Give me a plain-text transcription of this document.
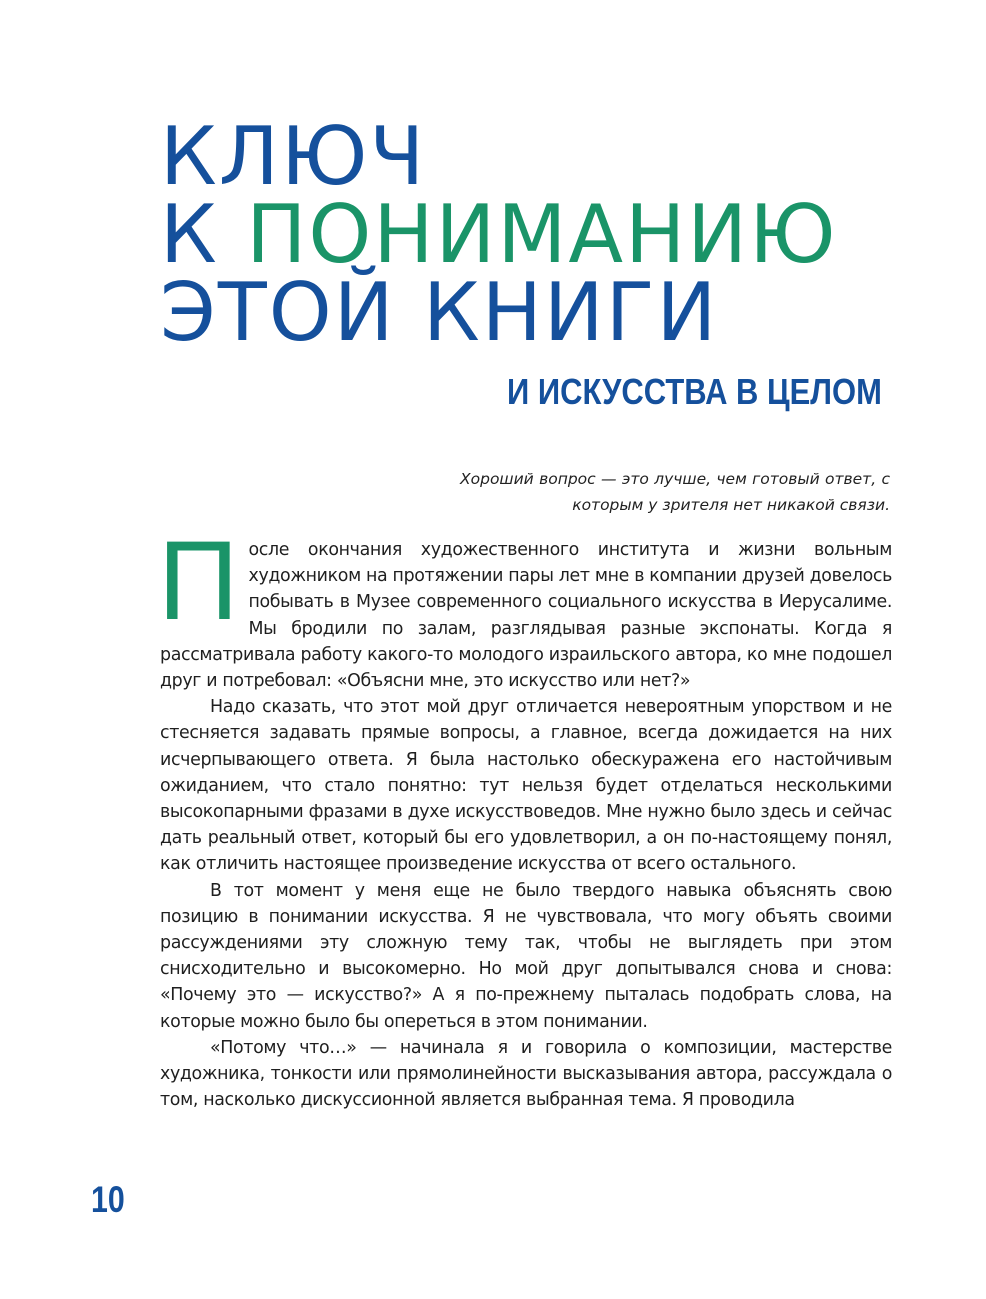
КЛЮЧ
К ПОНИМАНИЮ
ЭТОЙ КНИГИ
И ИСКУССТВА В ЦЕЛОМ

Хороший вопрос — это лучше, чем готовый ответ, с которым у зрителя нет никакой связи.

После окончания художественного института и жизни вольным художником на протяжении пары лет мне в компании друзей довелось побывать в Музее современного социального искусства в Иерусалиме. Мы бродили по залам, разглядывая разные экспонаты. Когда я рассматривала работу какого-то молодого израильского автора, ко мне подошел друг и потребовал: «Объясни мне, это искусство или нет?»

Надо сказать, что этот мой друг отличается невероятным упорством и не стесняется задавать прямые вопросы, а главное, всегда дожидается на них исчерпывающего ответа. Я была настолько обескуражена его настойчивым ожиданием, что стало понятно: тут нельзя будет отделаться несколькими высокопарными фразами в духе искусствоведов. Мне нужно было здесь и сейчас дать реальный ответ, который бы его удовлетворил, а он по-настоящему понял, как отличить настоящее произведение искусства от всего остального.

В тот момент у меня еще не было твердого навыка объяснять свою позицию в понимании искусства. Я не чувствовала, что могу объять своими рассуждениями эту сложную тему так, чтобы не выглядеть при этом снисходительно и высокомерно. Но мой друг допытывался снова и снова: «Почему это — искусство?» А я по-прежнему пыталась подобрать слова, на которые можно было бы опереться в этом понимании.

«Потому что…» — начинала я и говорила о композиции, мастерстве художника, тонкости или прямолинейности высказывания автора, рассуждала о том, насколько дискуссионной является выбранная тема. Я проводила

10
